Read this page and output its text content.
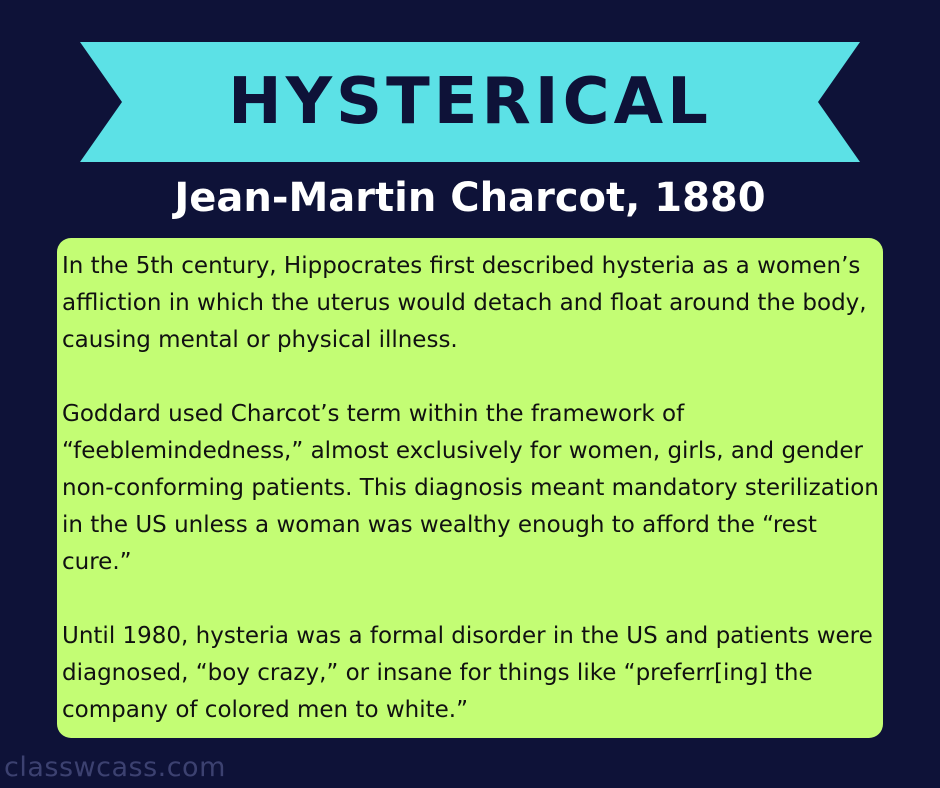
HYSTERICAL
Jean-Martin Charcot, 1880

In the 5th century, Hippocrates first described hysteria as a women’s affliction in which the uterus would detach and float around the body, causing mental or physical illness.

Goddard used Charcot’s term within the framework of “feeblemindedness,” almost exclusively for women, girls, and gender non-conforming patients. This diagnosis meant mandatory sterilization in the US unless a woman was wealthy enough to afford the “rest cure.”

Until 1980, hysteria was a formal disorder in the US and patients were diagnosed, “boy crazy,” or insane for things like “preferr[ing] the company of colored men to white.”

classwcass.com
